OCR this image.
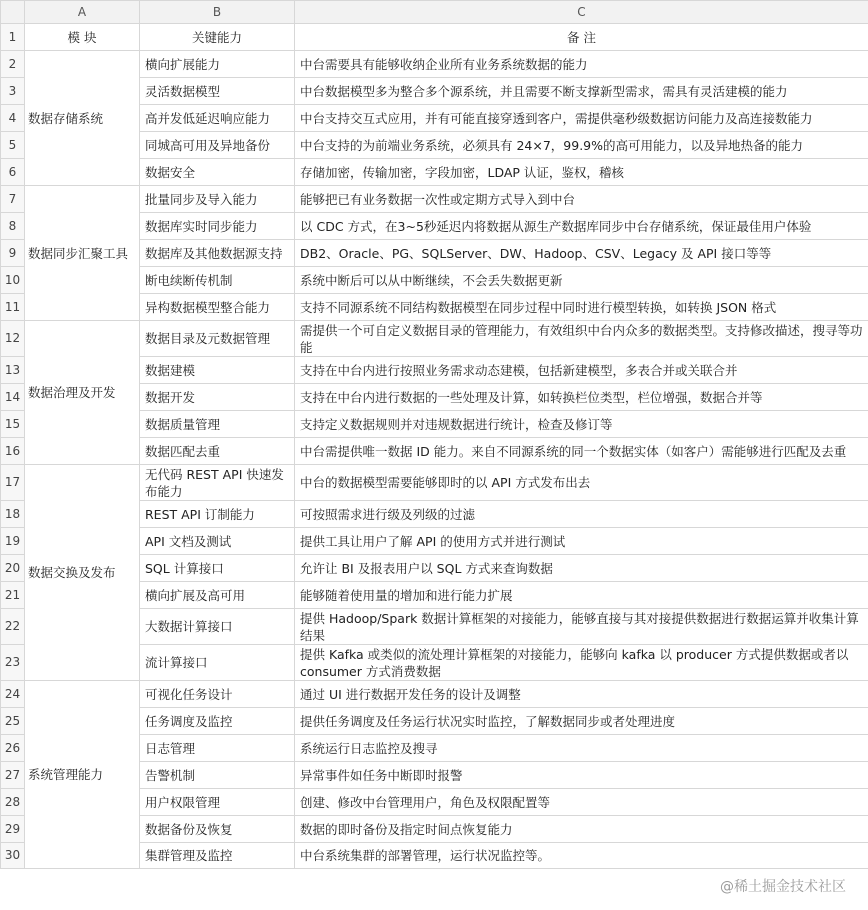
	A	B	C
1	模 块	关键能力	备 注
2	数据存储系统	横向扩展能力	中台需要具有能够收纳企业所有业务系统数据的能力
3		灵活数据模型	中台数据模型多为整合多个源系统，并且需要不断支撑新型需求，需具有灵活建模的能力
4		高并发低延迟响应能力	中台支持交互式应用，并有可能直接穿透到客户，需提供毫秒级数据访问能力及高连接数能力
5		同城高可用及异地备份	中台支持的为前端业务系统，必须具有 24×7，99.9%的高可用能力，以及异地热备的能力
6		数据安全	存储加密，传输加密，字段加密，LDAP 认证，鉴权，稽核
7	数据同步汇聚工具	批量同步及导入能力	能够把已有业务数据一次性或定期方式导入到中台
8		数据库实时同步能力	以 CDC 方式，在3~5秒延迟内将数据从源生产数据库同步中台存储系统，保证最佳用户体验
9		数据库及其他数据源支持	DB2、Oracle、PG、SQLServer、DW、Hadoop、CSV、Legacy 及 API 接口等等
10		断电续断传机制	系统中断后可以从中断继续，不会丢失数据更新
11		异构数据模型整合能力	支持不同源系统不同结构数据模型在同步过程中同时进行模型转换，如转换 JSON 格式
12	数据治理及开发	数据目录及元数据管理	需提供一个可自定义数据目录的管理能力，有效组织中台内众多的数据类型。支持修改描述，搜寻等功能
13		数据建模	支持在中台内进行按照业务需求动态建模，包括新建模型，多表合并或关联合并
14		数据开发	支持在中台内进行数据的一些处理及计算，如转换栏位类型，栏位增强，数据合并等
15		数据质量管理	支持定义数据规则并对违规数据进行统计，检查及修订等
16		数据匹配去重	中台需提供唯一数据 ID 能力。来自不同源系统的同一个数据实体（如客户）需能够进行匹配及去重
17	数据交换及发布	无代码 REST API 快速发布能力	中台的数据模型需要能够即时的以 API 方式发布出去
18		REST API 订制能力	可按照需求进行级及列级的过滤
19		API 文档及测试	提供工具让用户了解 API 的使用方式并进行测试
20		SQL 计算接口	允许让 BI 及报表用户以 SQL 方式来查询数据
21		横向扩展及高可用	能够随着使用量的增加和进行能力扩展
22		大数据计算接口	提供 Hadoop/Spark 数据计算框架的对接能力，能够直接与其对接提供数据进行数据运算并收集计算结果
23		流计算接口	提供 Kafka 或类似的流处理计算框架的对接能力，能够向 kafka 以 producer 方式提供数据或者以 consumer 方式消费数据
24	系统管理能力	可视化任务设计	通过 UI 进行数据开发任务的设计及调整
25		任务调度及监控	提供任务调度及任务运行状况实时监控，了解数据同步或者处理进度
26		日志管理	系统运行日志监控及搜寻
27		告警机制	异常事件如任务中断即时报警
28		用户权限管理	创建、修改中台管理用户，角色及权限配置等
29		数据备份及恢复	数据的即时备份及指定时间点恢复能力
30		集群管理及监控	中台系统集群的部署管理，运行状况监控等。
@稀土掘金技术社区
